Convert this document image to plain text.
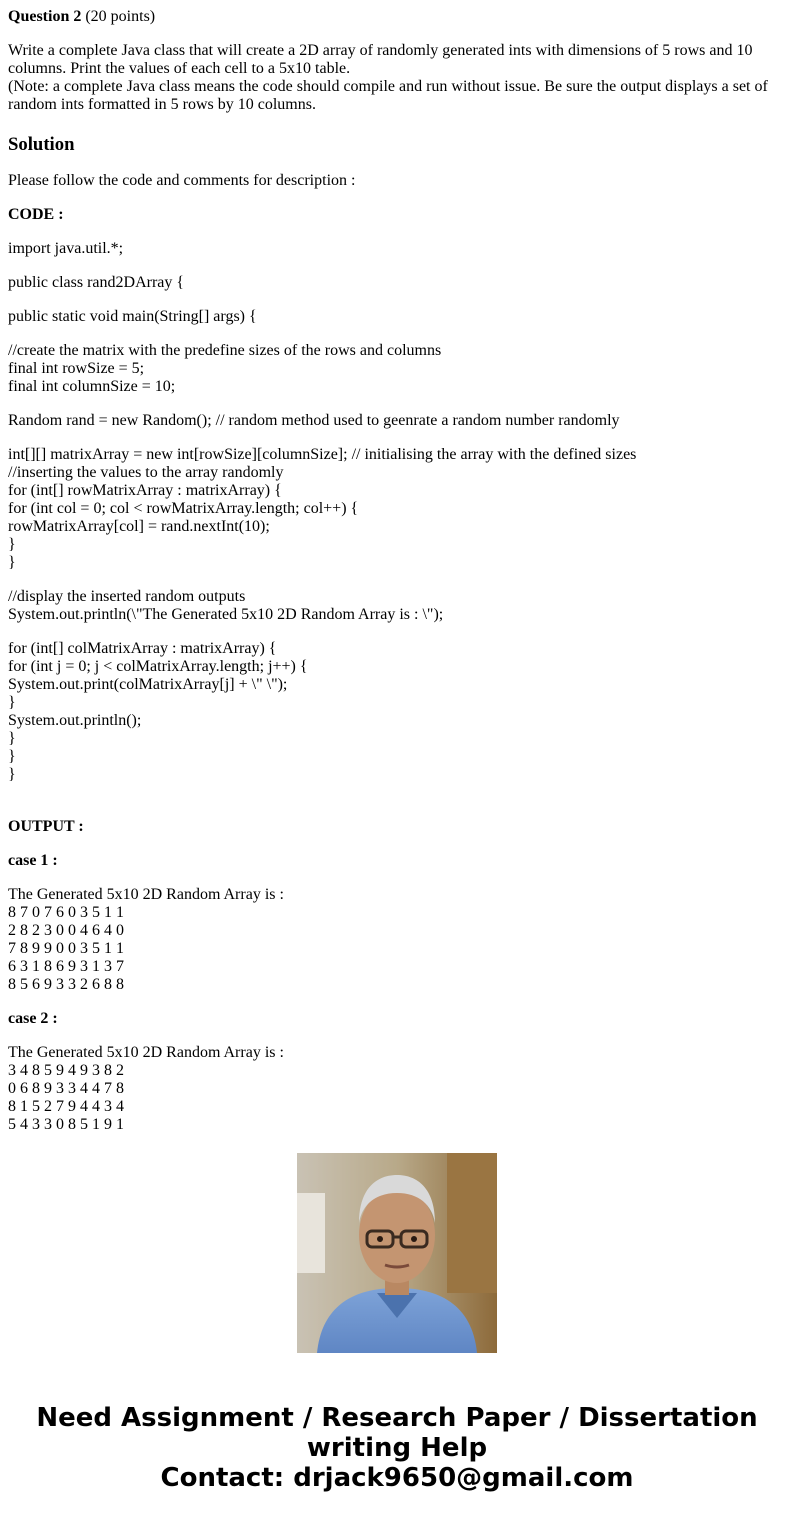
Question 2 (20 points)

Write a complete Java class that will create a 2D array of randomly generated ints with dimensions of 5 rows and 10 columns. Print the values of each cell to a 5x10 table.
(Note: a complete Java class means the code should compile and run without issue. Be sure the output displays a set of random ints formatted in 5 rows by 10 columns.

Solution

Please follow the code and comments for description :

CODE :

import java.util.*;

public class rand2DArray {

public static void main(String[] args) {

//create the matrix with the predefine sizes of the rows and columns
final int rowSize = 5;
final int columnSize = 10;

Random rand = new Random(); // random method used to geenrate a random number randomly

int[][] matrixArray = new int[rowSize][columnSize]; // initialising the array with the defined sizes
//inserting the values to the array randomly
for (int[] rowMatrixArray : matrixArray) {
for (int col = 0; col < rowMatrixArray.length; col++) {
rowMatrixArray[col] = rand.nextInt(10);
}
}

//display the inserted random outputs
System.out.println(\"The Generated 5x10 2D Random Array is : \");

for (int[] colMatrixArray : matrixArray) {
for (int j = 0; j < colMatrixArray.length; j++) {
System.out.print(colMatrixArray[j] + \" \");
}
System.out.println();
}
}
}

OUTPUT :

case 1 :

The Generated 5x10 2D Random Array is :
8 7 0 7 6 0 3 5 1 1
2 8 2 3 0 0 4 6 4 0
7 8 9 9 0 0 3 5 1 1
6 3 1 8 6 9 3 1 3 7
8 5 6 9 3 3 2 6 8 8

case 2 :

The Generated 5x10 2D Random Array is :
3 4 8 5 9 4 9 3 8 2
0 6 8 9 3 3 4 4 7 8
8 1 5 2 7 9 4 4 3 4
5 4 3 3 0 8 5 1 9 1

Need Assignment / Research Paper / Dissertation
writing Help
Contact: drjack9650@gmail.com
